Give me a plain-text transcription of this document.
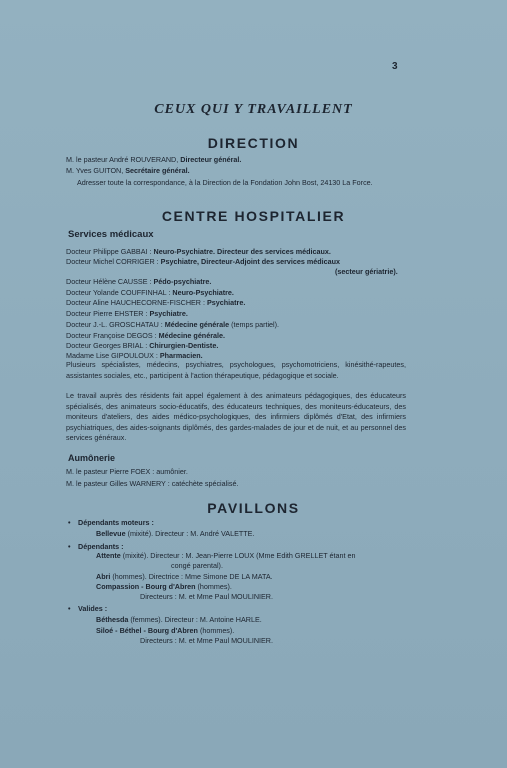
3
CEUX QUI Y TRAVAILLENT
DIRECTION
M. le pasteur André ROUVERAND, Directeur général.
M. Yves GUITON, Secrétaire général.
Adresser toute la correspondance, à la Direction de la Fondation John Bost, 24130 La Force.
CENTRE HOSPITALIER
Services médicaux
Docteur Philippe GABBAI : Neuro-Psychiatre. Directeur des services médicaux.
Docteur Michel CORRIGER : Psychiatre, Directeur-Adjoint des services médicaux
(secteur gériatrie).
Docteur Hélène CAUSSE : Pédo-psychiatre.
Docteur Yolande COUFFINHAL : Neuro-Psychiatre.
Docteur Aline HAUCHECORNE-FISCHER : Psychiatre.
Docteur Pierre EHSTER : Psychiatre.
Docteur J.-L. GROSCHATAU : Médecine générale (temps partiel).
Docteur Françoise DEGOS : Médecine générale.
Docteur Georges BRIAL : Chirurgien-Dentiste.
Madame Lise GIPOULOUX : Pharmacien.
Plusieurs spécialistes, médecins, psychiatres, psychologues, psychomotriciens, kinésithé-rapeutes, assistantes sociales, etc., participent à l'action thérapeutique, pédagogique et sociale.
Le travail auprès des résidents fait appel également à des animateurs pédagogiques, des éducateurs spécialisés, des animateurs socio-éducatifs, des éducateurs techniques, des moniteurs-éducateurs, des moniteurs d'ateliers, des aides médico-psychologiques, des infirmiers diplômés d'Etat, des infirmiers psychiatriques, des aides-soignants diplômés, des gardes-malades de jour et de nuit, et au personnel des services généraux.
Aumônerie
M. le pasteur Pierre FOEX : aumônier.
M. le pasteur Gilles WARNERY : catéchète spécialisé.
PAVILLONS
• Dépendants moteurs :
Bellevue (mixité). Directeur : M. André VALETTE.
• Dépendants :
Attente (mixité). Directeur : M. Jean-Pierre LOUX (Mme Edith GRELLET étant en
congé parental).
Abri (hommes). Directrice : Mme Simone DE LA MATA.
Compassion - Bourg d'Abren (hommes).
Directeurs : M. et Mme Paul MOULINIER.
• Valides :
Béthesda (femmes). Directeur : M. Antoine HARLE.
Siloé - Béthel - Bourg d'Abren (hommes).
Directeurs : M. et Mme Paul MOULINIER.
